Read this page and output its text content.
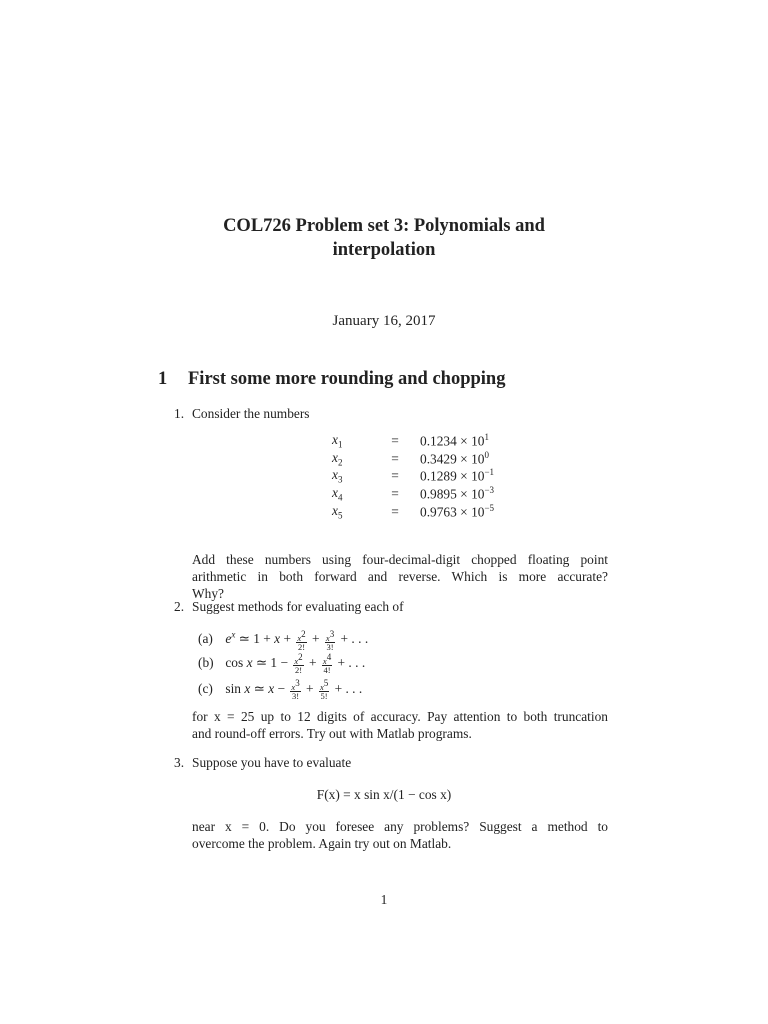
COL726 Problem set 3: Polynomials and
interpolation
January 16, 2017
1 First some more rounding and chopping
1. Consider the numbers
$x_1$	=	$0.1234 \times 10^1$
$x_2$	=	$0.3429 \times 10^0$
$x_3$	=	$0.1289 \times 10^{-1}$
$x_4$	=	$0.9895 \times 10^{-3}$
$x_5$	=	$0.9763 \times 10^{-5}$
Add these numbers using four-decimal-digit chopped floating point
arithmetic in both forward and reverse. Which is more accurate?
Why?
2. Suggest methods for evaluating each of
(a) $e^x$ ≃ $1 + x + \frac{x^2}{2!} + \frac{x^3}{3!}$ + . . .
(b) cos x ≃ $1 - \frac{x^2}{2!} + \frac{x^4}{4!}$ + . . .
(c) sin x ≃ $x - \frac{x^3}{3!} + \frac{x^5}{5!}$ + . . .
for x = 25 up to 12 digits of accuracy. Pay attention to both truncation
and round-off errors. Try out with Matlab programs.
3. Suppose you have to evaluate
F(x) = x sin x/(1 − cos x)
near x = 0. Do you foresee any problems? Suggest a method to
overcome the problem. Again try out on Matlab.
1
